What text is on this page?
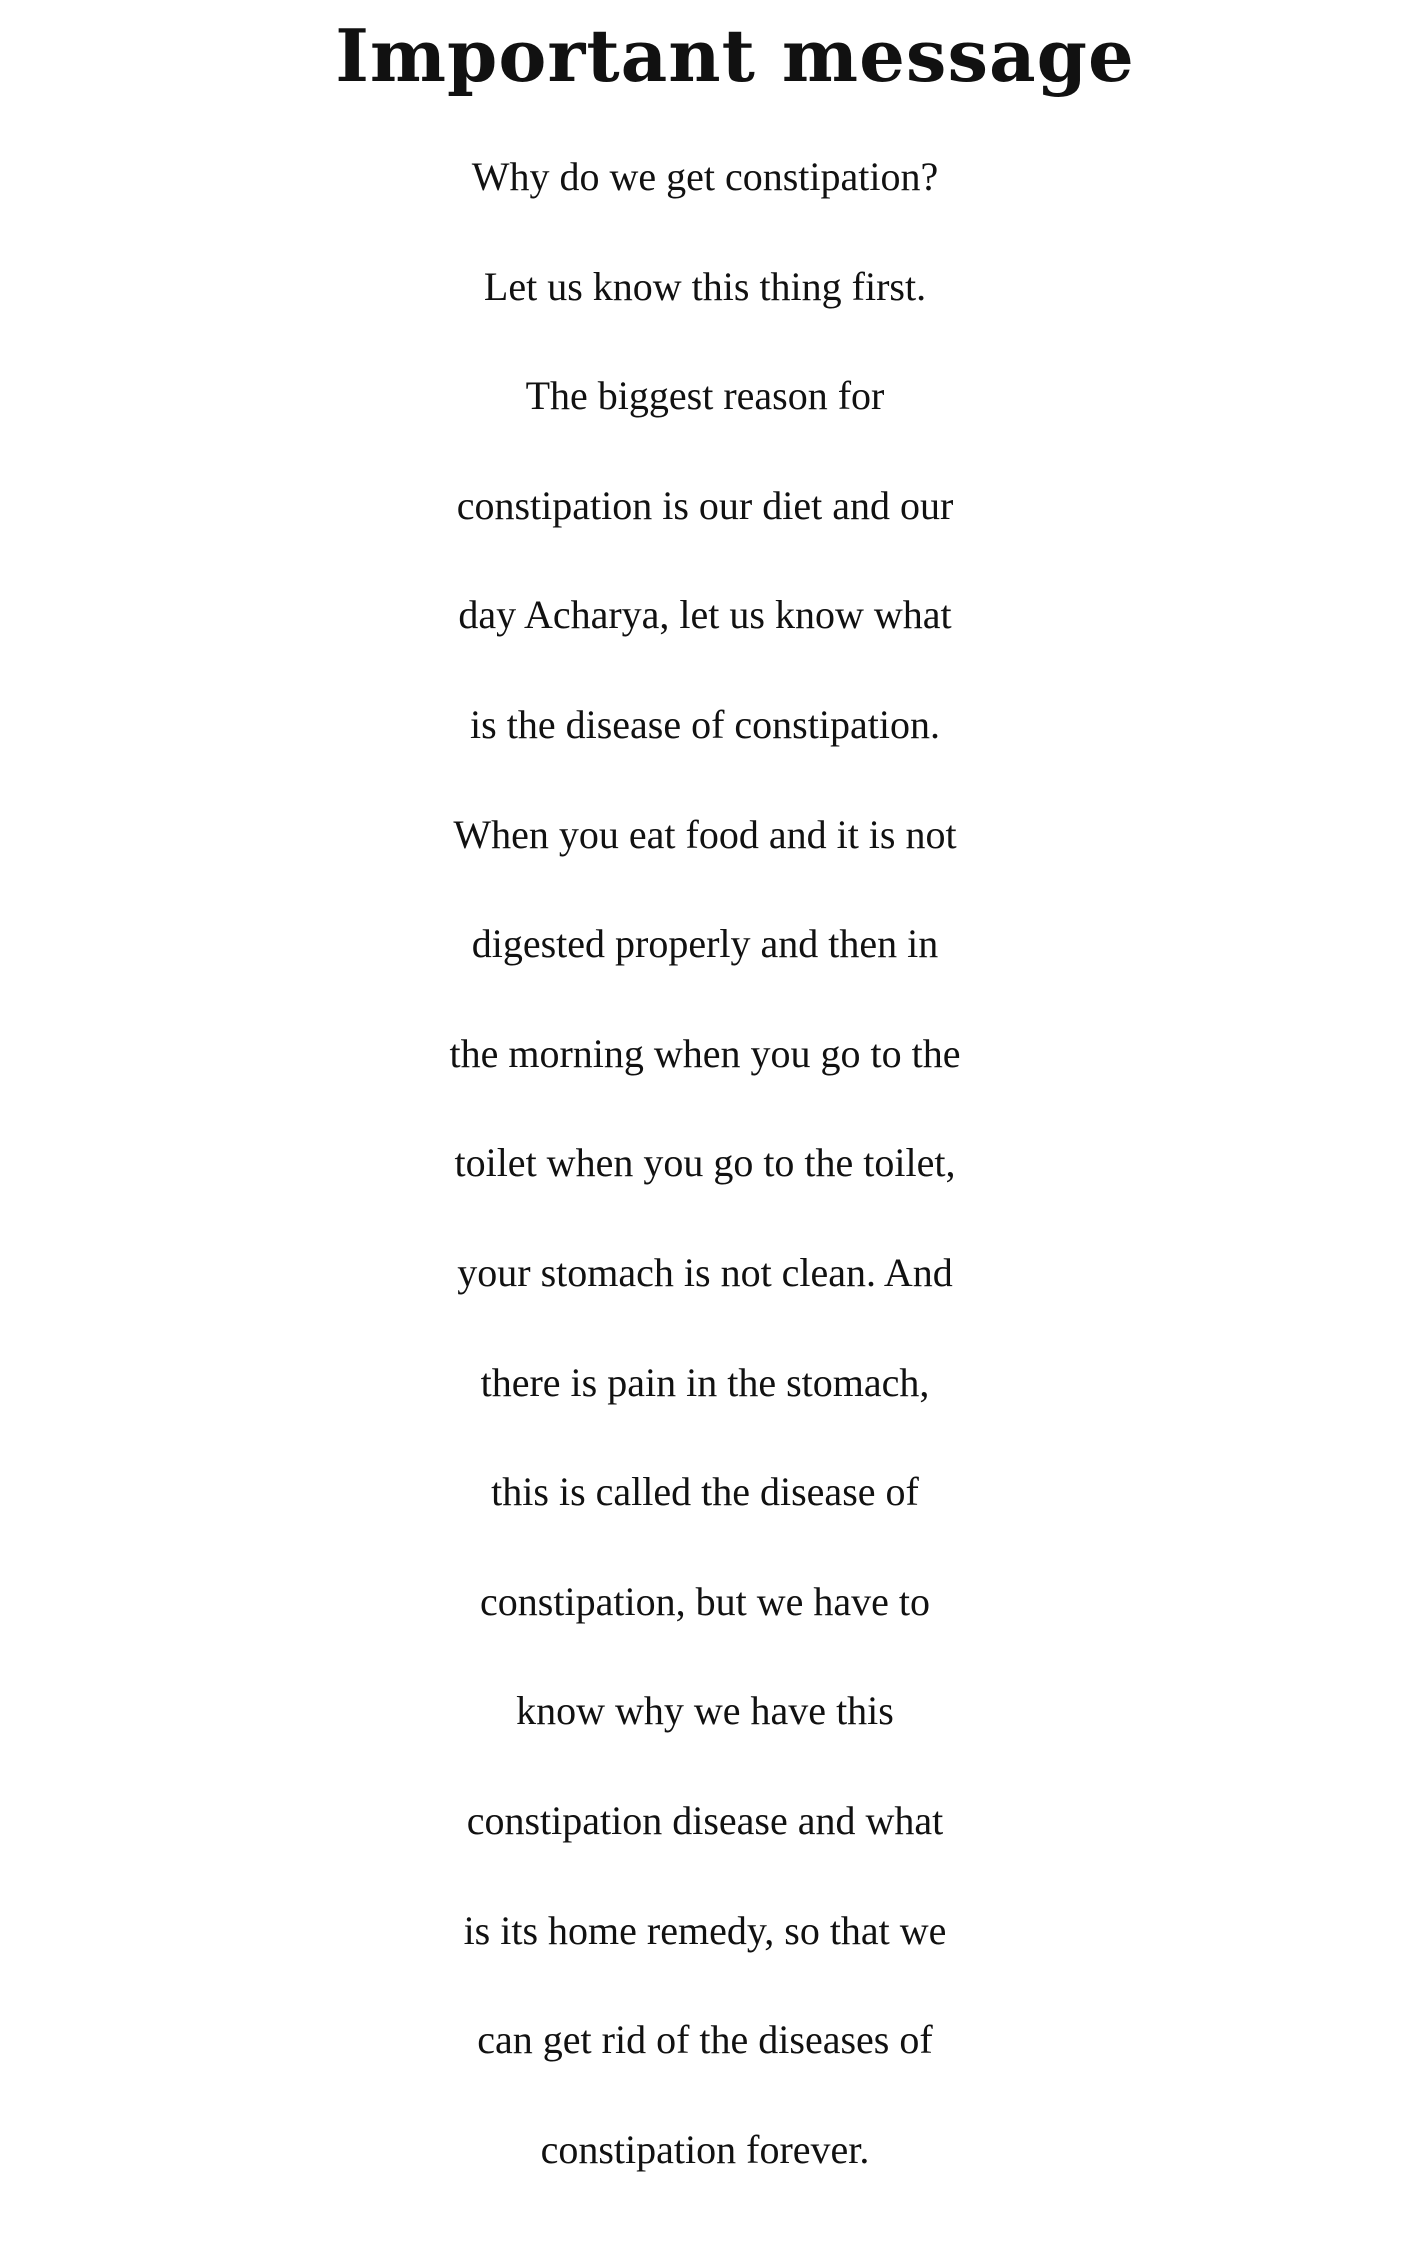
Important message
Why do we get constipation?
Let us know this thing first.
The biggest reason for
constipation is our diet and our
day Acharya, let us know what
is the disease of constipation.
When you eat food and it is not
digested properly and then in
the morning when you go to the
toilet when you go to the toilet,
your stomach is not clean. And
there is pain in the stomach,
this is called the disease of
constipation, but we have to
know why we have this
constipation disease and what
is its home remedy, so that we
can get rid of the diseases of
constipation forever.
